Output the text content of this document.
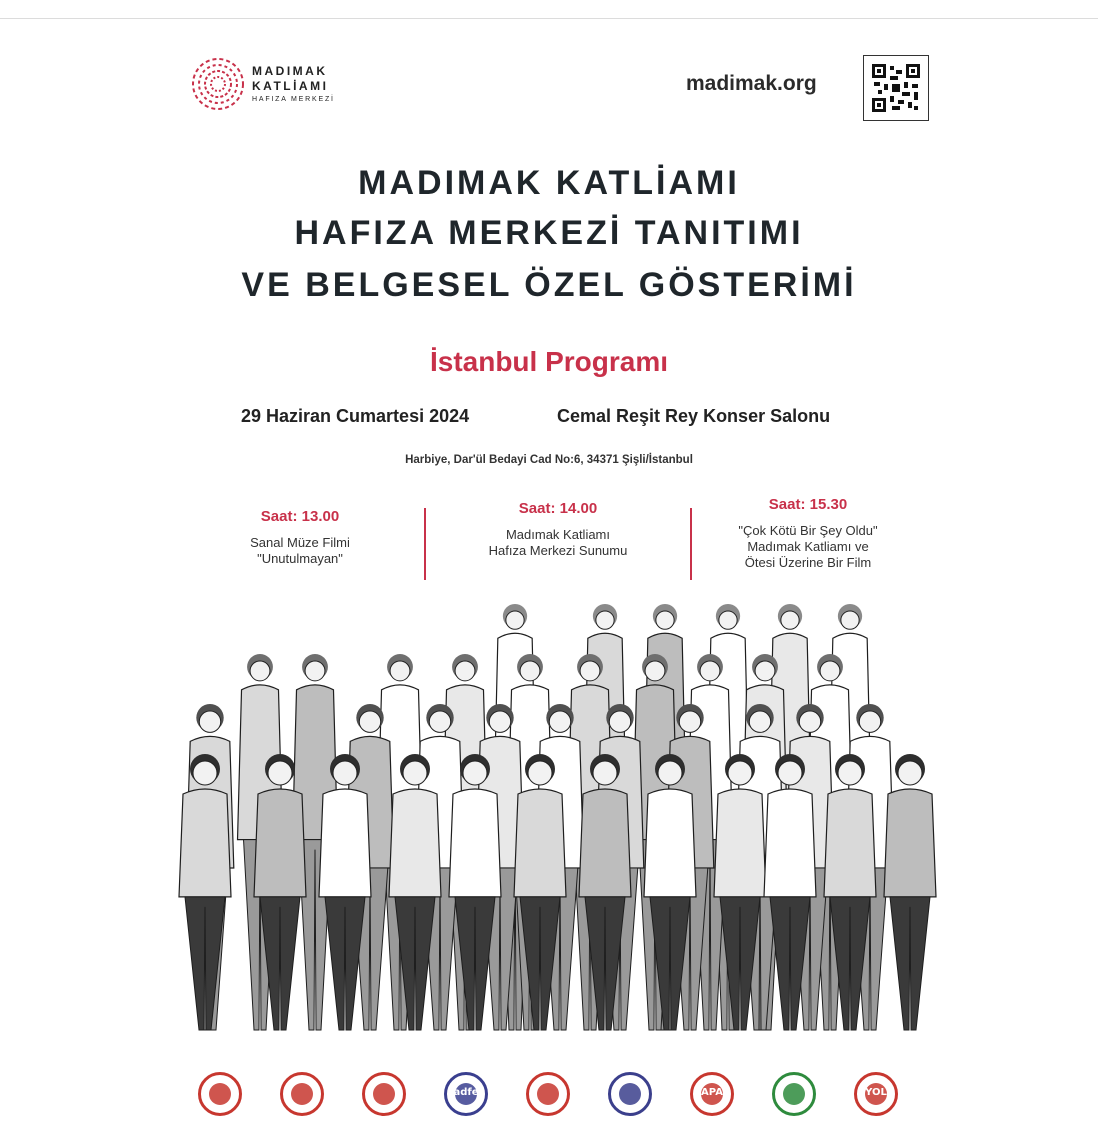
MADIMAK
KATLİAMI
HAFIZA MERKEZİ
madimak.org
MADIMAK KATLİAMI
HAFIZA MERKEZİ TANITIMI
VE BELGESEL ÖZEL GÖSTERİMİ
İstanbul Programı
29 Haziran Cumartesi 2024	Cemal Reşit Rey Konser Salonu
Harbiye, Dar'ül Bedayi Cad No:6, 34371 Şişli/İstanbul
Saat: 13.00
Sanal Müze Filmi
"Unutulmayan"
Saat: 14.00
Madımak Katliamı
Hafıza Merkezi Sunumu
Saat: 15.30
"Çok Kötü Bir Şey Oldu"
Madımak Katliamı ve
Ötesi Üzerine Bir Film
adfe	APA	YOL
